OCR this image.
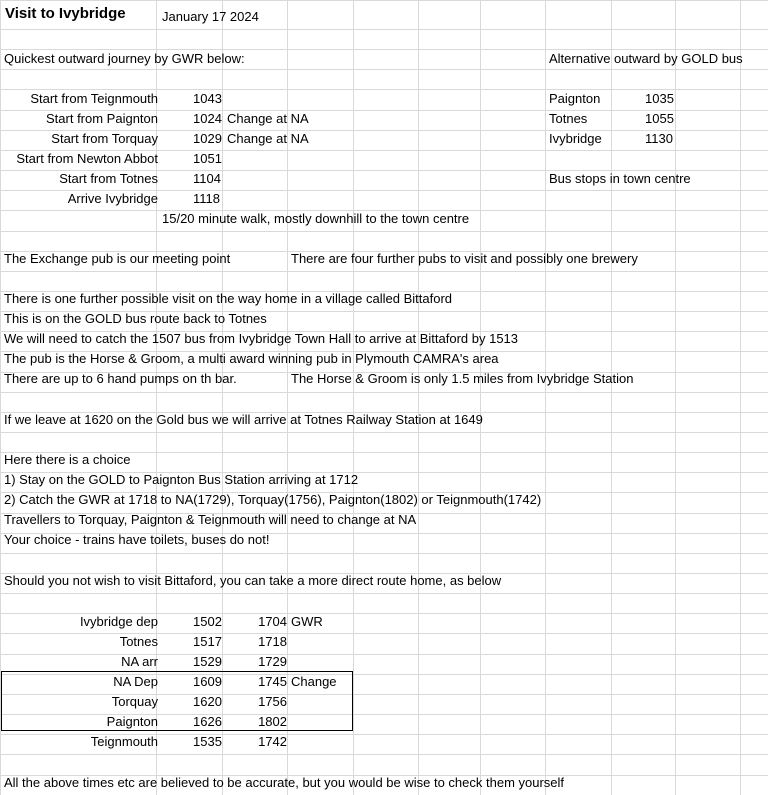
Visit to Ivybridge	January 17 2024
Quickest outward journey by GWR below:	Alternative outward by GOLD bus
Start from Teignmouth	1043
Start from Paignton	1024 Change at NA
Start from Torquay	1029 Change at NA
Start from Newton Abbot	1051
Start from Totnes	1104
Arrive Ivybridge	1118
Paignton	1035
Totnes	1055
Ivybridge	1130
Bus stops in town centre
15/20 minute walk, mostly downhill to the town centre
The Exchange pub is our meeting point	There are four further pubs to visit and possibly one brewery
There is one further possible visit on the way home in a village called Bittaford
This is on the GOLD bus route back to Totnes
We will need to catch the 1507 bus from Ivybridge Town Hall to arrive at Bittaford by 1513
The pub is the Horse & Groom, a multi award winning pub in Plymouth CAMRA's area
There are up to 6 hand pumps on th bar.	The Horse & Groom is only 1.5 miles from Ivybridge Station
If we leave at 1620 on the Gold bus we will arrive at Totnes Railway Station at 1649
Here there is a choice
1) Stay on the GOLD to Paignton Bus Station arriving at 1712
2) Catch the GWR at 1718 to NA(1729), Torquay(1756), Paignton(1802) or Teignmouth(1742)
Travellers to Torquay, Paignton & Teignmouth will need to change at NA
Your choice - trains have toilets, buses do not!
Should you not wish to visit Bittaford, you can take a more direct route home, as below
Ivybridge dep	1502	1704 GWR
Totnes	1517	1718
NA arr	1529	1729
NA Dep	1609	1745 Change
Torquay	1620	1756
Paignton	1626	1802
Teignmouth	1535	1742
All the above times etc are believed to be accurate, but you would be wise to check them yourself
